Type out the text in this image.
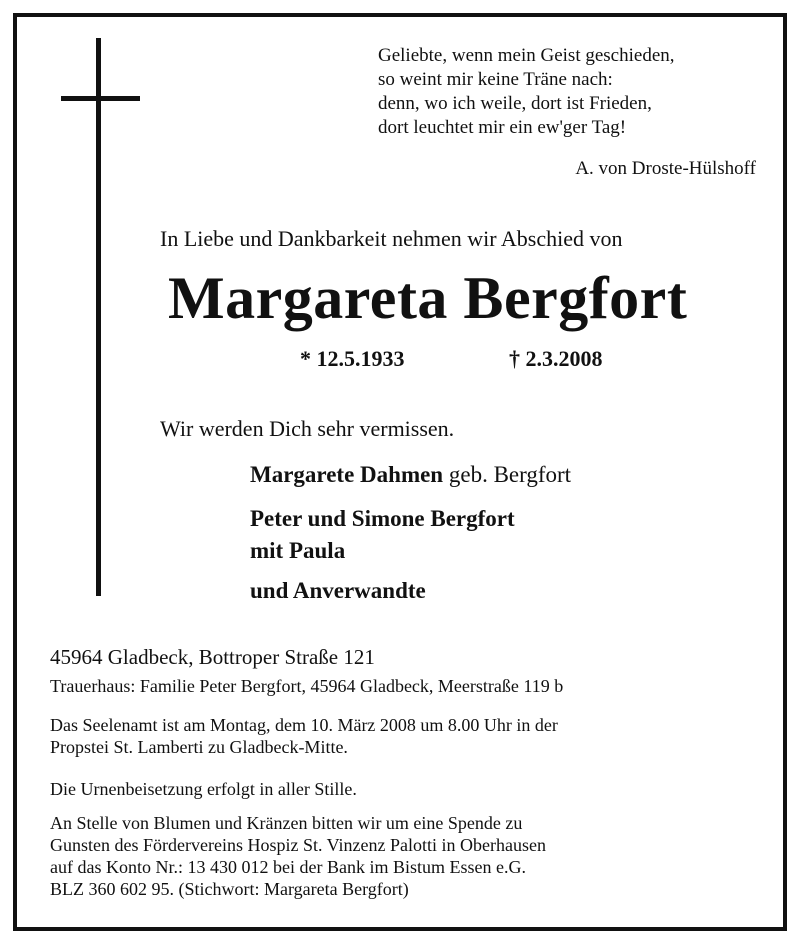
Geliebte, wenn mein Geist geschieden,
so weint mir keine Träne nach:
denn, wo ich weile, dort ist Frieden,
dort leuchtet mir ein ew'ger Tag!
A. von Droste-Hülshoff
In Liebe und Dankbarkeit nehmen wir Abschied von
Margareta Bergfort
* 12.5.1933	† 2.3.2008
Wir werden Dich sehr vermissen.
Margarete Dahmen geb. Bergfort
Peter und Simone Bergfort
mit Paula
und Anverwandte
45964 Gladbeck, Bottroper Straße 121
Trauerhaus: Familie Peter Bergfort, 45964 Gladbeck, Meerstraße 119 b
Das Seelenamt ist am Montag, dem 10. März 2008 um 8.00 Uhr in der
Propstei St. Lamberti zu Gladbeck-Mitte.
Die Urnenbeisetzung erfolgt in aller Stille.
An Stelle von Blumen und Kränzen bitten wir um eine Spende zu
Gunsten des Fördervereins Hospiz St. Vinzenz Palotti in Oberhausen
auf das Konto Nr.: 13 430 012 bei der Bank im Bistum Essen e.G.
BLZ 360 602 95. (Stichwort: Margareta Bergfort)
